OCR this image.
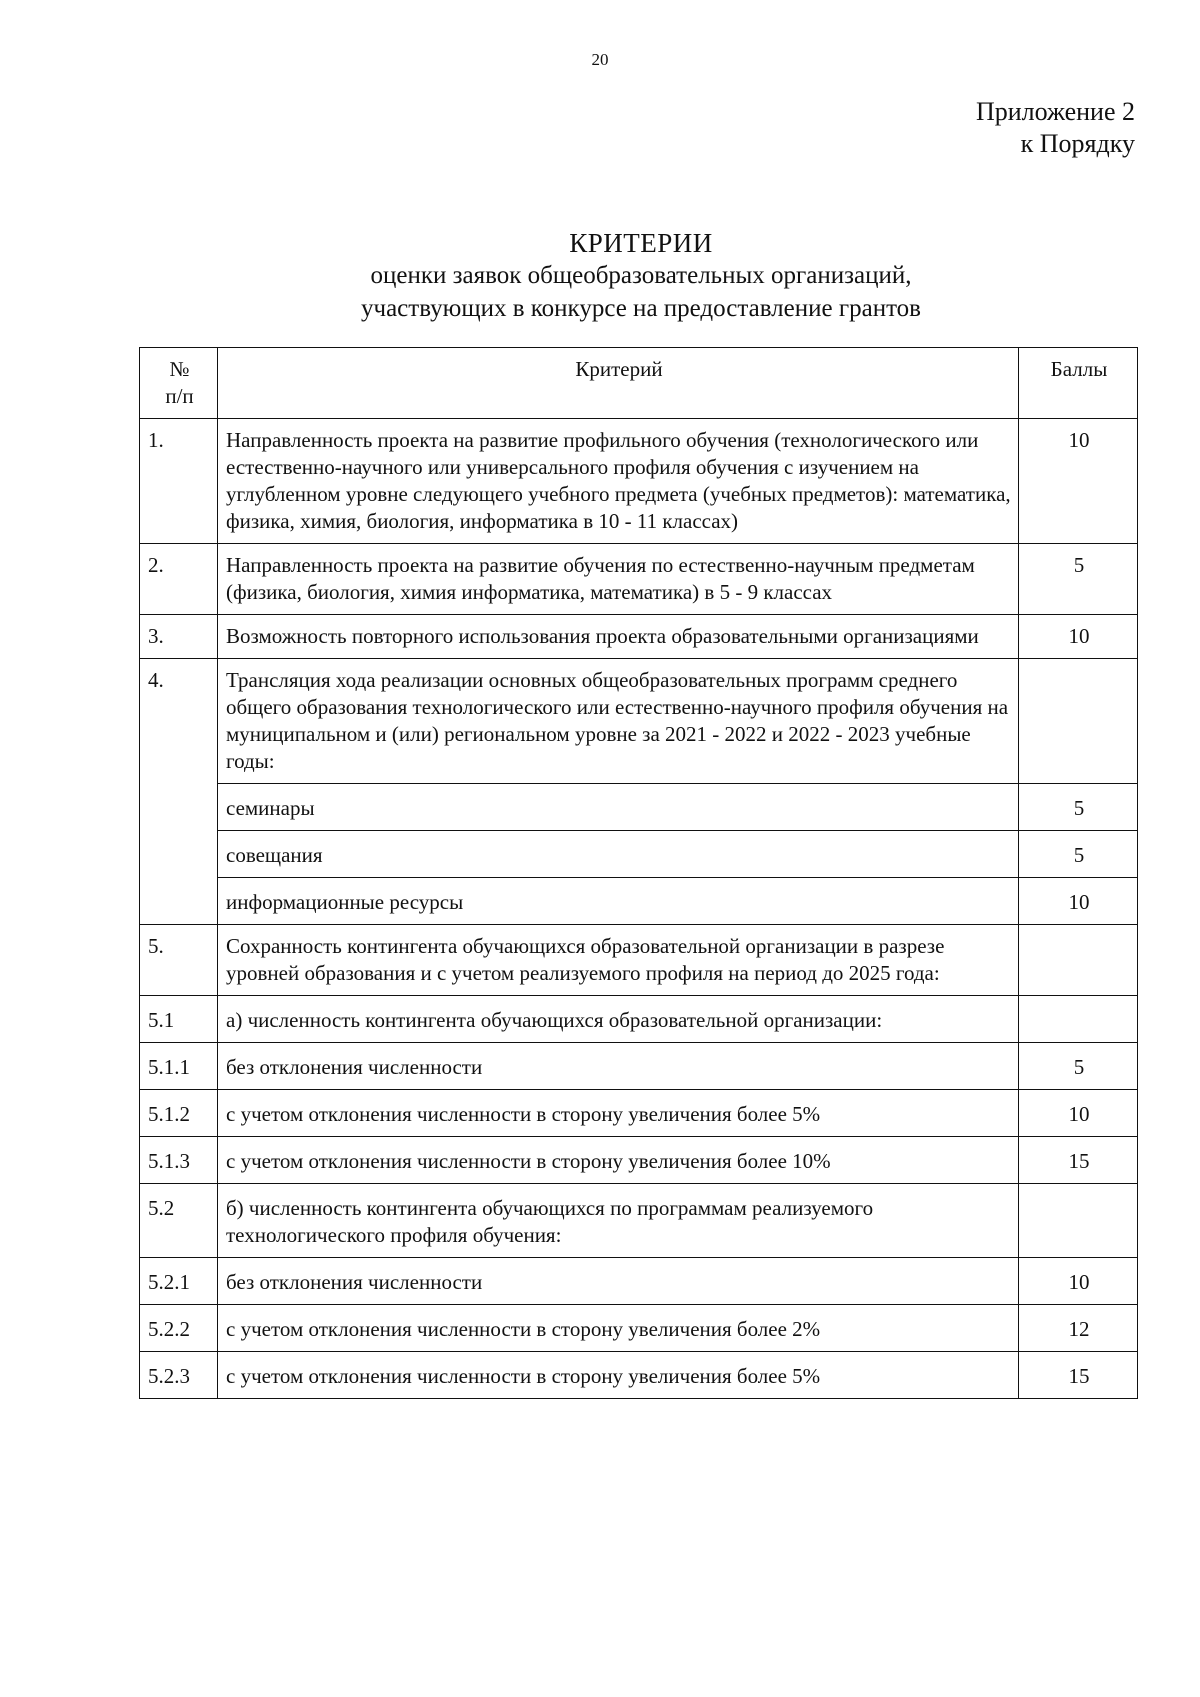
20
Приложение 2
к Порядку
КРИТЕРИИ
оценки заявок общеобразовательных организаций,
участвующих в конкурсе на предоставление грантов
№
п/п	Критерий	Баллы
1.	Направленность проекта на развитие профильного обучения (технологического или естественно-научного или универсального профиля обучения с изучением на углубленном уровне следующего учебного предмета (учебных предметов): математика, физика, химия, биология, информатика в 10 - 11 классах)	10
2.	Направленность проекта на развитие обучения по естественно-научным предметам (физика, биология, химия информатика, математика) в 5 - 9 классах	5
3.	Возможность повторного использования проекта образовательными организациями	10
4.	Трансляция хода реализации основных общеобразовательных программ среднего общего образования технологического или естественно-научного профиля обучения на муниципальном и (или) региональном уровне за 2021 - 2022 и 2022 - 2023 учебные годы:	
	семинары	5
	совещания	5
	информационные ресурсы	10
5.	Сохранность контингента обучающихся образовательной организации в разрезе уровней образования и с учетом реализуемого профиля на период до 2025 года:	
5.1	а) численность контингента обучающихся образовательной организации:	
5.1.1	без отклонения численности	5
5.1.2	с учетом отклонения численности в сторону увеличения более 5%	10
5.1.3	с учетом отклонения численности в сторону увеличения более 10%	15
5.2	б) численность контингента обучающихся по программам реализуемого технологического профиля обучения:	
5.2.1	без отклонения численности	10
5.2.2	с учетом отклонения численности в сторону увеличения более 2%	12
5.2.3	с учетом отклонения численности в сторону увеличения более 5%	15
